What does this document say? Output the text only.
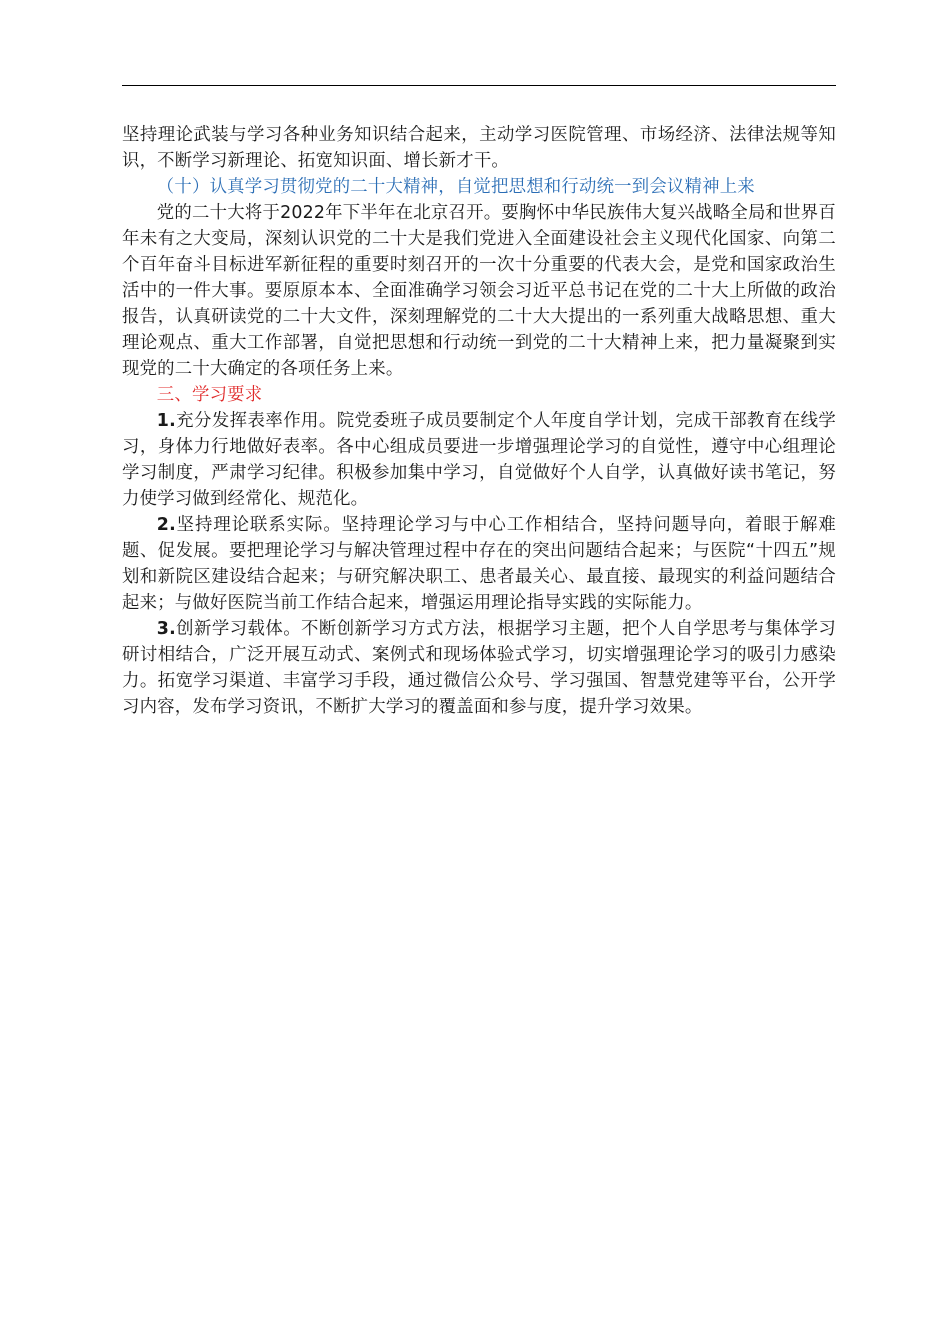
坚持理论武装与学习各种业务知识结合起来，主动学习医院管理、市场经济、法律法规等知识，不断学习新理论、拓宽知识面、增长新才干。

（十）认真学习贯彻党的二十大精神，自觉把思想和行动统一到会议精神上来

党的二十大将于2022年下半年在北京召开。要胸怀中华民族伟大复兴战略全局和世界百年未有之大变局，深刻认识党的二十大是我们党进入全面建设社会主义现代化国家、向第二个百年奋斗目标进军新征程的重要时刻召开的一次十分重要的代表大会，是党和国家政治生活中的一件大事。要原原本本、全面准确学习领会习近平总书记在党的二十大上所做的政治报告，认真研读党的二十大文件，深刻理解党的二十大大提出的一系列重大战略思想、重大理论观点、重大工作部署，自觉把思想和行动统一到党的二十大精神上来，把力量凝聚到实现党的二十大确定的各项任务上来。

三、学习要求

1.充分发挥表率作用。院党委班子成员要制定个人年度自学计划，完成干部教育在线学习，身体力行地做好表率。各中心组成员要进一步增强理论学习的自觉性，遵守中心组理论学习制度，严肃学习纪律。积极参加集中学习，自觉做好个人自学，认真做好读书笔记，努力使学习做到经常化、规范化。

2.坚持理论联系实际。坚持理论学习与中心工作相结合，坚持问题导向，着眼于解难题、促发展。要把理论学习与解决管理过程中存在的突出问题结合起来；与医院“十四五”规划和新院区建设结合起来；与研究解决职工、患者最关心、最直接、最现实的利益问题结合起来；与做好医院当前工作结合起来，增强运用理论指导实践的实际能力。

3.创新学习载体。不断创新学习方式方法，根据学习主题，把个人自学思考与集体学习研讨相结合，广泛开展互动式、案例式和现场体验式学习，切实增强理论学习的吸引力感染力。拓宽学习渠道、丰富学习手段，通过微信公众号、学习强国、智慧党建等平台，公开学习内容，发布学习资讯，不断扩大学习的覆盖面和参与度，提升学习效果。
